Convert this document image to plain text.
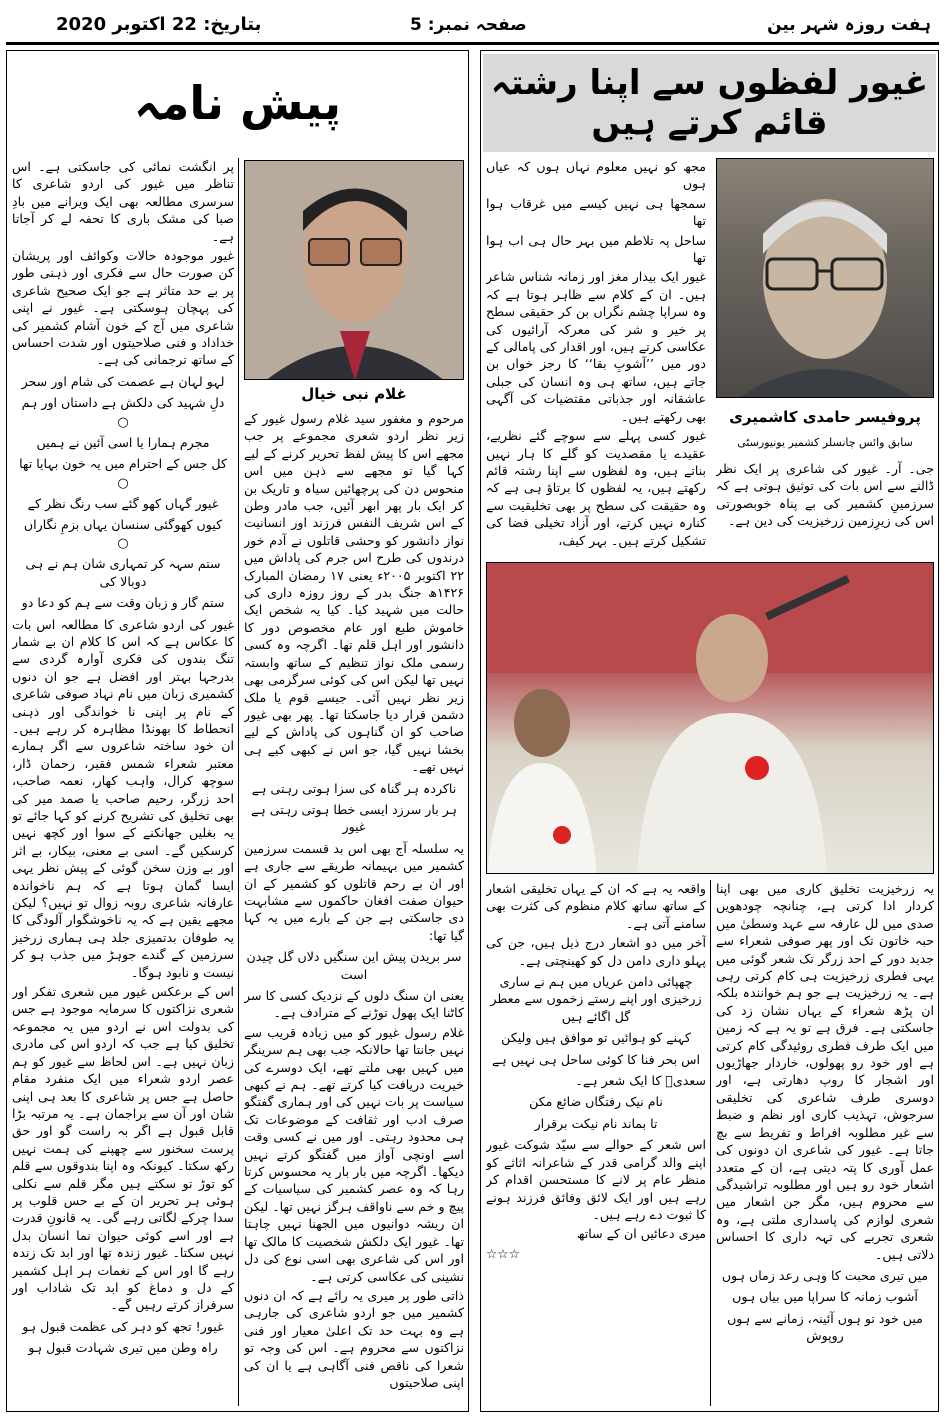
ہفت روزہ شہر بین
صفحہ نمبر: 5
بتاریخ: 22 اکتوبر 2020
غیور لفظوں سے اپنا رشتہ قائم کرتے ہیں
پروفیسر حامدی کاشمیری
سابق وائس چانسلر کشمیر یونیورسٹی
جی۔ آر۔ غیور کی شاعری پر ایک نظر ڈالنے سے اس بات کی توثیق ہوتی ہے کہ سرزمینِ کشمیر کی بے پناہ خوبصورتی اس کی زیرِزمین زرخیزیت کی دین ہے۔

مجھ کو نہیں معلوم نہاں ہوں کہ عیاں ہوں

سمجھا ہی نہیں کیسے میں غرقاب ہوا تھا

ساحل پہ تلاطم میں بہر حال ہی اب ہوا تھا

غیور ایک بیدار مغز اور زمانہ شناس شاعر ہیں۔ ان کے کلام سے ظاہر ہوتا ہے کہ وہ سراپا چشم نگراں بن کر حقیقی سطح پر خیر و شر کی معرکہ آرائیوں کی عکاسی کرتے ہیں، اور اقدار کی پامالی کے دور میں ’’آشوبِ بقا‘‘ کا رجز خواں بن جاتے ہیں، ساتھ ہی وہ انسان کی جبلی عاشقانہ اور جذباتی مقتضیات کی آگہی بھی رکھتے ہیں۔

غیور کسی پہلے سے سوچے گئے نظریے، عقیدے یا مقصدیت کو گلے کا ہار نہیں بناتے ہیں، وہ لفظوں سے اپنا رشتہ قائم رکھتے ہیں، یہ لفظوں کا برتاؤ ہی ہے کہ وہ حقیقت کی سطح پر بھی تخلیقیت سے کنارہ نہیں کرتے، اور آزاد تخیلی فضا کی تشکیل کرتے ہیں۔ بہر کیف،

یہ زرخیزیت تخلیق کاری میں بھی اپنا کردار ادا کرتی ہے، چنانچہ چودھویں صدی میں لل عارفہ سے عہد وسطیٰ میں حبہ خاتون تک اور پھر صوفی شعراء سے جدید دور کے احد زرگر تک شعر گوئی میں یہی فطری زرخیزیت ہی کام کرتی رہی ہے۔ یہ زرخیزیت ہے جو ہم خوانندہ بلکہ ان پڑھ شعراء کے یہاں نشان زد کی جاسکتی ہے۔ فرق ہے تو یہ ہے کہ زمین میں ایک طرف فطری روئیدگی کام کرتی ہے اور خود رو پھولوں، خاردار جھاڑیوں اور اشجار کا روپ دھارتی ہے، اور دوسری طرف شاعری کی تخلیقی سرجوش، تہذیب کاری اور نظم و ضبط سے غیر مطلوبہ افراط و تفریط سے بچ جاتا ہے۔ غیور کی شاعری ان دونوں کی عمل آوری کا پتہ دیتی ہے، ان کے متعدد اشعار خود رو ہیں اور مطلوبہ تراشیدگی سے محروم ہیں، مگر جن اشعار میں شعری لوازم کی پاسداری ملتی ہے، وہ شعری تجربے کی تہہ داری کا احساس دلاتی ہیں۔

میں تیری محبت کا وہی رعد زماں ہوں

آشوب زمانہ کا سراپا میں بیاں ہوں

میں خود تو ہوں آئینہ، زمانے سے ہوں روپوش

واقعہ یہ ہے کہ ان کے یہاں تخلیقی اشعار کے ساتھ ساتھ کلام منظوم کی کثرت بھی سامنے آتی ہے۔

آخر میں دو اشعار درج ذیل ہیں، جن کی پہلو داری دامن دل کو کھینچتی ہے۔

چھپائی دامن عریاں میں ہم نے ساری زرخیزی اور اپنے رستے زخموں سے معطر گل اگائے ہیں

کہنے کو ہوائیں تو موافق ہیں ولیکن

اس بحر فنا کا کوئی ساحل ہی نہیں ہے

سعدیؒ کا ایک شعر ہے۔

نام نیک رفتگاں ضائع مکن

تا بماند نام نیکت برقرار

اس شعر کے حوالے سے سیّد شوکت غیور اپنے والد گرامی قدر کے شاعرانہ اثاثے کو منظر عام پر لانے کا مستحسن اقدام کر رہے ہیں اور ایک لائق وفائق فرزند ہونے کا ثبوت دے رہے ہیں۔

میری دعائیں ان کے ساتھ

☆☆☆

پیش نامہ
غلام نبی خیال

مرحوم و مغفور سید غلام رسول غیور کے زیر نظر اردو شعری مجموعے پر جب مجھے اس کا پیش لفظ تحریر کرنے کے لیے کہا گیا تو مجھے سے ذہن میں اس منحوس دن کی پرچھائیں سیاہ و تاریک بن کر ایک بار پھر ابھر آئیں، جب مادر وطن کے اس شریف النفس فرزند اور انسانیت نواز دانشور کو وحشی قاتلوں نے آدم خور درندوں کی طرح اس جرم کی پاداش میں ۲۲ اکتوبر ۲۰۰۵ء یعنی ۱۷ رمضان المبارک ۱۴۲۶ھ جنگ بدر کے روز روزہ داری کی حالت میں شہید کیا۔ کیا یہ شخص ایک خاموش طبع اور عام مخصوص دور کا دانشور اور اہل قلم تھا۔ اگرچہ وہ کسی رسمی ملک نواز تنظیم کے ساتھ وابستہ نہیں تھا لیکن اس کی کوئی سرگرمی بھی زیر نظر نہیں آئی۔ جیسے قوم یا ملک دشمن قرار دیا جاسکتا تھا۔ پھر بھی غیور صاحب کو ان گناہوں کی پاداش کے لیے بخشا نہیں گیا، جو اس نے کبھی کیے ہی نہیں تھے۔

ناکردہ ہر گناہ کی سزا ہوتی رہتی ہے

ہر بار سرزد ایسی خطا ہوتی رہتی ہے غیور

یہ سلسلہ آج بھی اس بد قسمت سرزمین کشمیر میں بہیمانہ طریقے سے جاری ہے اور ان بے رحم قاتلوں کو کشمیر کے ان حیوان صفت افغان حاکموں سے مشابہت دی جاسکتی ہے جن کے بارے میں یہ کہا گیا تھا:

سر بریدن پیش این سنگیں دلاں گل چیدن است

یعنی ان سنگ دلوں کے نزدیک کسی کا سر کاٹنا ایک پھول توڑنے کے مترادف ہے۔

غلام رسول غیور کو میں زیادہ قریب سے نہیں جانتا تھا حالانکہ جب بھی ہم سرینگر میں کہیں بھی ملتے تھے، ایک دوسرے کی خیریت دریافت کیا کرتے تھے۔ ہم نے کبھی سیاست پر بات نہیں کی اور ہماری گفتگو صرف ادب اور ثقافت کے موضوعات تک ہی محدود رہتی۔ اور میں نے کسی وقت اسے اونچی آواز میں گفتگو کرتے نہیں دیکھا۔ اگرچہ میں بار بار یہ محسوس کرتا رہا کہ وہ عصر کشمیر کی سیاسیات کے پیچ و خم سے ناواقف ہرگز نہیں تھا۔ لیکن ان ریشہ دوانیوں میں الجھنا نہیں چاہتا تھا۔ غیور ایک دلکش شخصیت کا مالک تھا اور اس کی شاعری بھی اسی نوع کی دل نشینی کی عکاسی کرتی ہے۔

ذاتی طور پر میری یہ رائے ہے کہ ان دنوں کشمیر میں جو اردو شاعری کی جارہی ہے وہ بہت حد تک اعلیٰ معیار اور فنی نزاکتوں سے محروم ہے۔ اس کی وجہ تو شعرا کی ناقص فنی آگاہی ہے یا ان کی اپنی صلاحیتوں

پر انگشت نمائی کی جاسکتی ہے۔ اس تناظر میں غیور کی اردو شاعری کا سرسری مطالعہ بھی ایک ویرانے میں بادِ صبا کی مشک باری کا تحفہ لے کر آجاتا ہے۔

غیور موجودہ حالات وکوائف اور پریشان کن صورت حال سے فکری اور ذہنی طور پر بے حد متاثر ہے جو ایک صحیح شاعری کی پہچان ہوسکتی ہے۔ غیور نے اپنی شاعری میں آج کے خون آشام کشمیر کی خداداد و فنی صلاحیتوں اور شدت احساس کے ساتھ ترجمانی کی ہے۔

لہو لہان ہے عصمت کی شام اور سحر

دلِ شہید کی دلکش ہے داستاں اور ہم

○

مجرم ہمارا یا اسی آئین نے ہمیں

کل جس کے احترام میں یہ خون بہایا تھا

○

غیور گہاں کھو گئے سب رنگ نظر کے

کیوں کھوگئی سنسان یہاں بزمِ نگاراں

○

ستم سہہ کر تمہاری شان ہم نے ہی دوبالا کی

ستم گار و زبان وقت سے ہم کو دعا دو

غیور کی اردو شاعری کا مطالعہ اس بات کا عکاس ہے کہ اس کا کلام ان بے شمار تنگ بندوں کی فکری آوارہ گردی سے بدرجہا بہتر اور افضل ہے جو ان دنوں کشمیری زبان میں نام نہاد صوفی شاعری کے نام پر اپنی نا خواندگی اور ذہنی انحطاط کا بھونڈا مظاہرہ کر رہے ہیں۔ ان خود ساختہ شاعروں سے اگر ہمارے معتبر شعراء شمس فقیر، رحمان ڈار، سوچھ کرال، واہب کھار، نعمہ صاحب، احد زرگر، رحیم صاحب یا صمد میر کی بھی تخلیق کی تشریح کرنے کو کہا جائے تو یہ بغلیں جھانکنے کے سوا اور کچھ نہیں کرسکیں گے۔ اسی بے معنی، بیکار، بے اثر اور بے وزن سخن گوئی کے پیش نظر یہی ایسا گمان ہوتا ہے کہ ہم ناخواندہ عارفانہ شاعری روبہ زوال تو نہیں؟ لیکن مجھے یقین ہے کہ یہ ناخوشگوار آلودگی کا یہ طوفان بدتمیزی جلد ہی ہماری زرخیز سرزمین کے گندے جوہڑ میں جذب ہو کر نیست و نابود ہوگا۔

اس کے برعکس غیور میں شعری تفکر اور شعری نزاکتوں کا سرمایہ موجود ہے جس کی بدولت اس نے اردو میں یہ مجموعہ تخلیق کیا ہے جب کہ اردو اس کی مادری زبان نہیں ہے۔ اس لحاظ سے غیور کو ہم عصر اردو شعراء میں ایک منفرد مقام حاصل ہے جس پر شاعری کا بعد ہی اپنی شان اور آن سے براجمان ہے۔ یہ مرتبہ بڑا قابل قبول ہے اگر بہ راست گو اور حق پرست سخنور سے چھپنے کی ہمت نہیں رکھ سکتا۔ کیونکہ وہ اپنا بندوقوں سے قلم کو توڑ تو سکتے ہیں مگر قلم سے نکلی ہوئی ہر تحریر ان کے بے حس قلوب پر سدا چرکے لگاتی رہے گی۔ یہ قانونِ قدرت ہے اور اسے کوئی حیوان نما انسان بدل نہیں سکتا۔ غیور زندہ تھا اور ابد تک زندہ رہے گا اور اس کے نغمات ہر اہل کشمیر کے دل و دماغ کو ابد تک شاداب اور سرفراز کرتے رہیں گے۔

غیور! تجھ کو دہر کی عظمت قبول ہو

راہ وطن میں تیری شہادت قبول ہو
